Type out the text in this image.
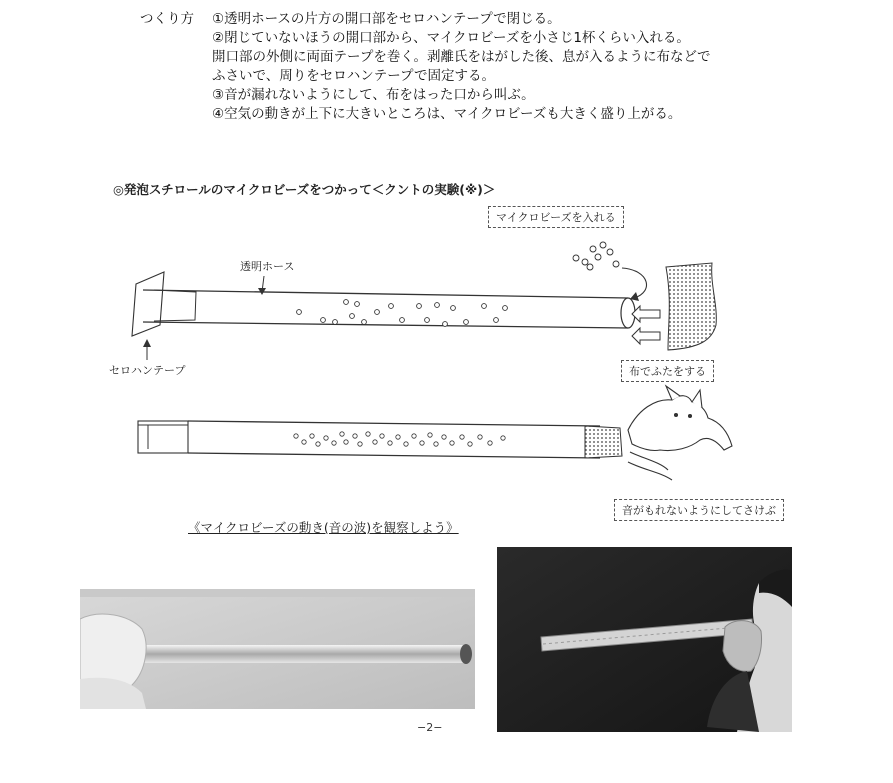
つくり方 ①透明ホースの片方の開口部をセロハンテープで閉じる。
②閉じていないほうの開口部から、マイクロビーズを小さじ1杯くらい入れる。
開口部の外側に両面テープを巻く。剥離氏をはがした後、息が入るように布などで
ふさいで、周りをセロハンテープで固定する。
③音が漏れないようにして、布をはった口から叫ぶ。
④空気の動きが上下に大きいところは、マイクロビーズも大きく盛り上がる。
◎発泡スチロールのマイクロビーズをつかって＜クントの実験(※)＞
マイクロビーズを入れる
透明ホース
セロハンテープ	布でふたをする
音がもれないようにしてさけぶ
《マイクロビーズの動き(音の波)を観察しよう》
−2−
